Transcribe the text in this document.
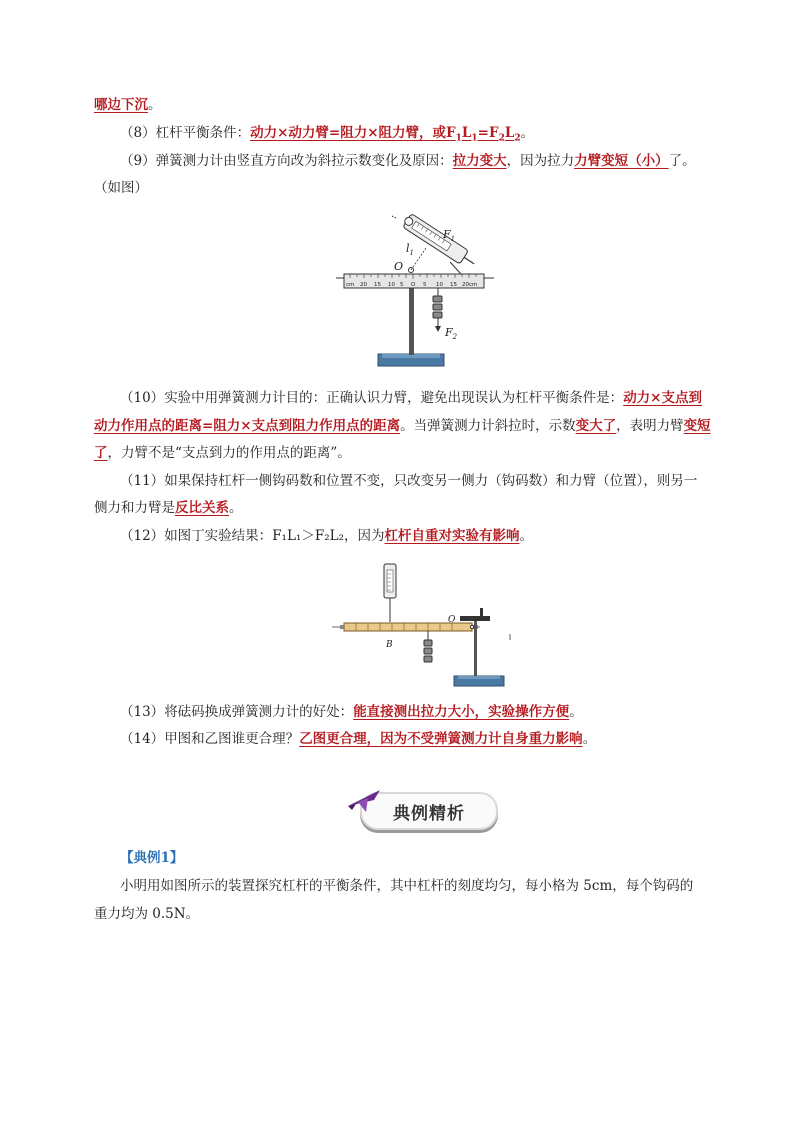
哪边下沉。
（8）杠杆平衡条件：动力×动力臂=阻力×阻力臂，或$F_1L_1=F_2L_2$。
（9）弹簧测力计由竖直方向改为斜拉示数变化及原因：拉力变大，因为拉力力臂变短（小）了。
（如图）
cm 20 15 10 5 O 5 10 15 20cm
$F_1$
$l_1$
O
$F_2$
（10）实验中用弹簧测力计目的：正确认识力臂，避免出现误认为杠杆平衡条件是：动力×支点到
动力作用点的距离=阻力×支点到阻力作用点的距离。当弹簧测力计斜拉时，示数变大了，表明力臂变短
了，力臂不是“支点到力的作用点的距离”。
（11）如果保持杠杆一侧钩码数和位置不变，只改变另一侧力（钩码数）和力臂（位置），则另一
侧力和力臂是反比关系。
（12）如图丁实验结果：F₁L₁＞F₂L₂，因为杠杆自重对实验有影响。
B
O
（13）将砝码换成弹簧测力计的好处：能直接测出拉力大小，实验操作方便。
（14）甲图和乙图谁更合理？乙图更合理，因为不受弹簧测力计自身重力影响。
典例精析
【典例1】
小明用如图所示的装置探究杠杆的平衡条件，其中杠杆的刻度均匀，每小格为 5cm，每个钩码的
重力均为 0.5N。
